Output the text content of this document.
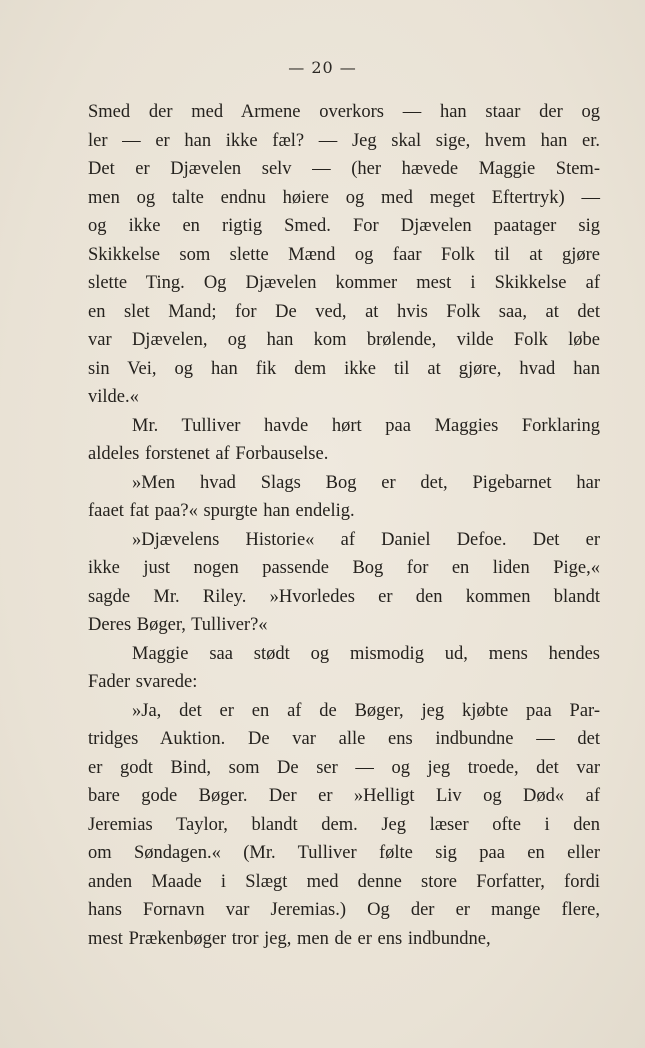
— 20 —
Smed der med Armene overkors — han staar der og
ler — er han ikke fæl? — Jeg skal sige, hvem han er.
Det er Djævelen selv — (her hævede Maggie Stem-
men og talte endnu høiere og med meget Eftertryk) —
og ikke en rigtig Smed. For Djævelen paatager sig
Skikkelse som slette Mænd og faar Folk til at gjøre
slette Ting. Og Djævelen kommer mest i Skikkelse af
en slet Mand; for De ved, at hvis Folk saa, at det
var Djævelen, og han kom brølende, vilde Folk løbe
sin Vei, og han fik dem ikke til at gjøre, hvad han
vilde.«
Mr. Tulliver havde hørt paa Maggies Forklaring
aldeles forstenet af Forbauselse.
»Men hvad Slags Bog er det, Pigebarnet har
faaet fat paa?« spurgte han endelig.
»Djævelens Historie« af Daniel Defoe. Det er
ikke just nogen passende Bog for en liden Pige,«
sagde Mr. Riley. »Hvorledes er den kommen blandt
Deres Bøger, Tulliver?«
Maggie saa stødt og mismodig ud, mens hendes
Fader svarede:
»Ja, det er en af de Bøger, jeg kjøbte paa Par-
tridges Auktion. De var alle ens indbundne — det
er godt Bind, som De ser — og jeg troede, det var
bare gode Bøger. Der er »Helligt Liv og Død« af
Jeremias Taylor, blandt dem. Jeg læser ofte i den
om Søndagen.« (Mr. Tulliver følte sig paa en eller
anden Maade i Slægt med denne store Forfatter, fordi
hans Fornavn var Jeremias.) Og der er mange flere,
mest Prækenbøger tror jeg, men de er ens indbundne,
